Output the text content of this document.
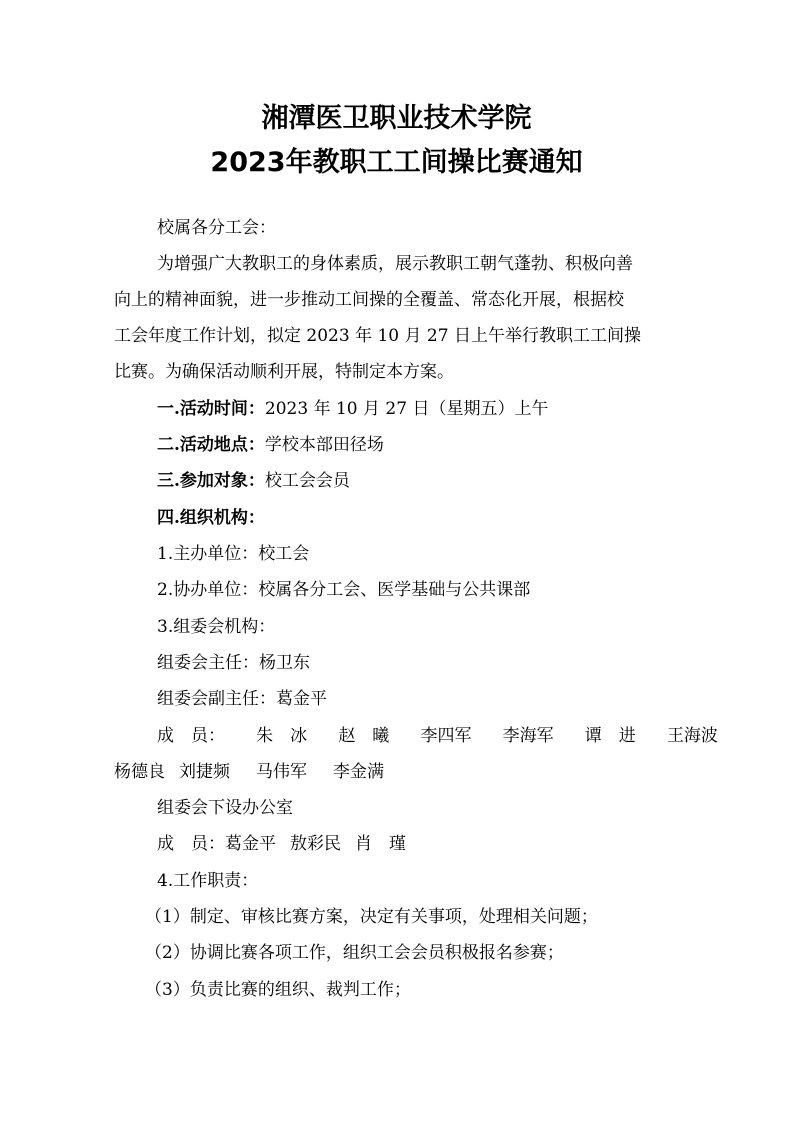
湘潭医卫职业技术学院
2023年教职工工间操比赛通知

校属各分工会：

为增强广大教职工的身体素质，展示教职工朝气蓬勃、积极向善

向上的精神面貌，进一步推动工间操的全覆盖、常态化开展，根据校

工会年度工作计划，拟定 2023 年 10 月 27 日上午举行教职工工间操

比赛。为确保活动顺利开展，特制定本方案。

一.活动时间：2023 年 10 月 27 日（星期五）上午

二.活动地点：学校本部田径场

三.参加对象：校工会会员

四.组织机构：

1.主办单位：校工会

2.协办单位：校属各分工会、医学基础与公共课部

3.组委会机构：

组委会主任：杨卫东

组委会副主任：葛金平

成　员： 朱　冰 赵　曦 李四军 李海军 谭　进 王海波

杨德良 刘捷频 马伟军 李金满

组委会下设办公室

成　员：葛金平 敖彩民 肖　瑾

4.工作职责：

（1）制定、审核比赛方案，决定有关事项，处理相关问题；

（2）协调比赛各项工作，组织工会会员积极报名参赛；

（3）负责比赛的组织、裁判工作；
